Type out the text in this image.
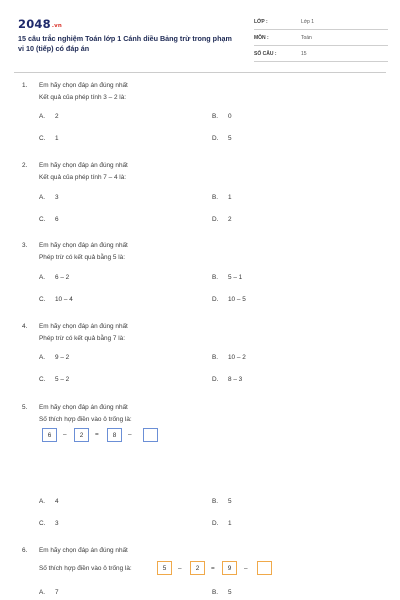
2048.vn
15 câu trắc nghiệm Toán lớp 1 Cánh diều Bảng trừ trong phạm vi 10 (tiếp) có đáp án
LỚP :	Lớp 1
MÔN :	Toán
SỐ CÂU :	15
1. Em hãy chọn đáp án đúng nhất
Kết quả của phép tính 3 – 2 là:
A. 2	B. 0
C. 1	D. 5
2. Em hãy chọn đáp án đúng nhất
Kết quả của phép tính 7 – 4 là:
A. 3	B. 1
C. 6	D. 2
3. Em hãy chọn đáp án đúng nhất
Phép trừ có kết quả bằng 5 là:
A. 6 – 2	B. 5 – 1
C. 10 – 4	D. 10 – 5
4. Em hãy chọn đáp án đúng nhất
Phép trừ có kết quả bằng 7 là:
A. 9 – 2	B. 10 – 2
C. 5 – 2	D. 8 – 3
5. Em hãy chọn đáp án đúng nhất
Số thích hợp điền vào ô trống là:
6	–	2	=	8	–
A. 4	B. 5
C. 3	D. 1
6. Em hãy chọn đáp án đúng nhất
Số thích hợp điền vào ô trống là:	5	–	2	=	9	–
A. 7	B. 5
